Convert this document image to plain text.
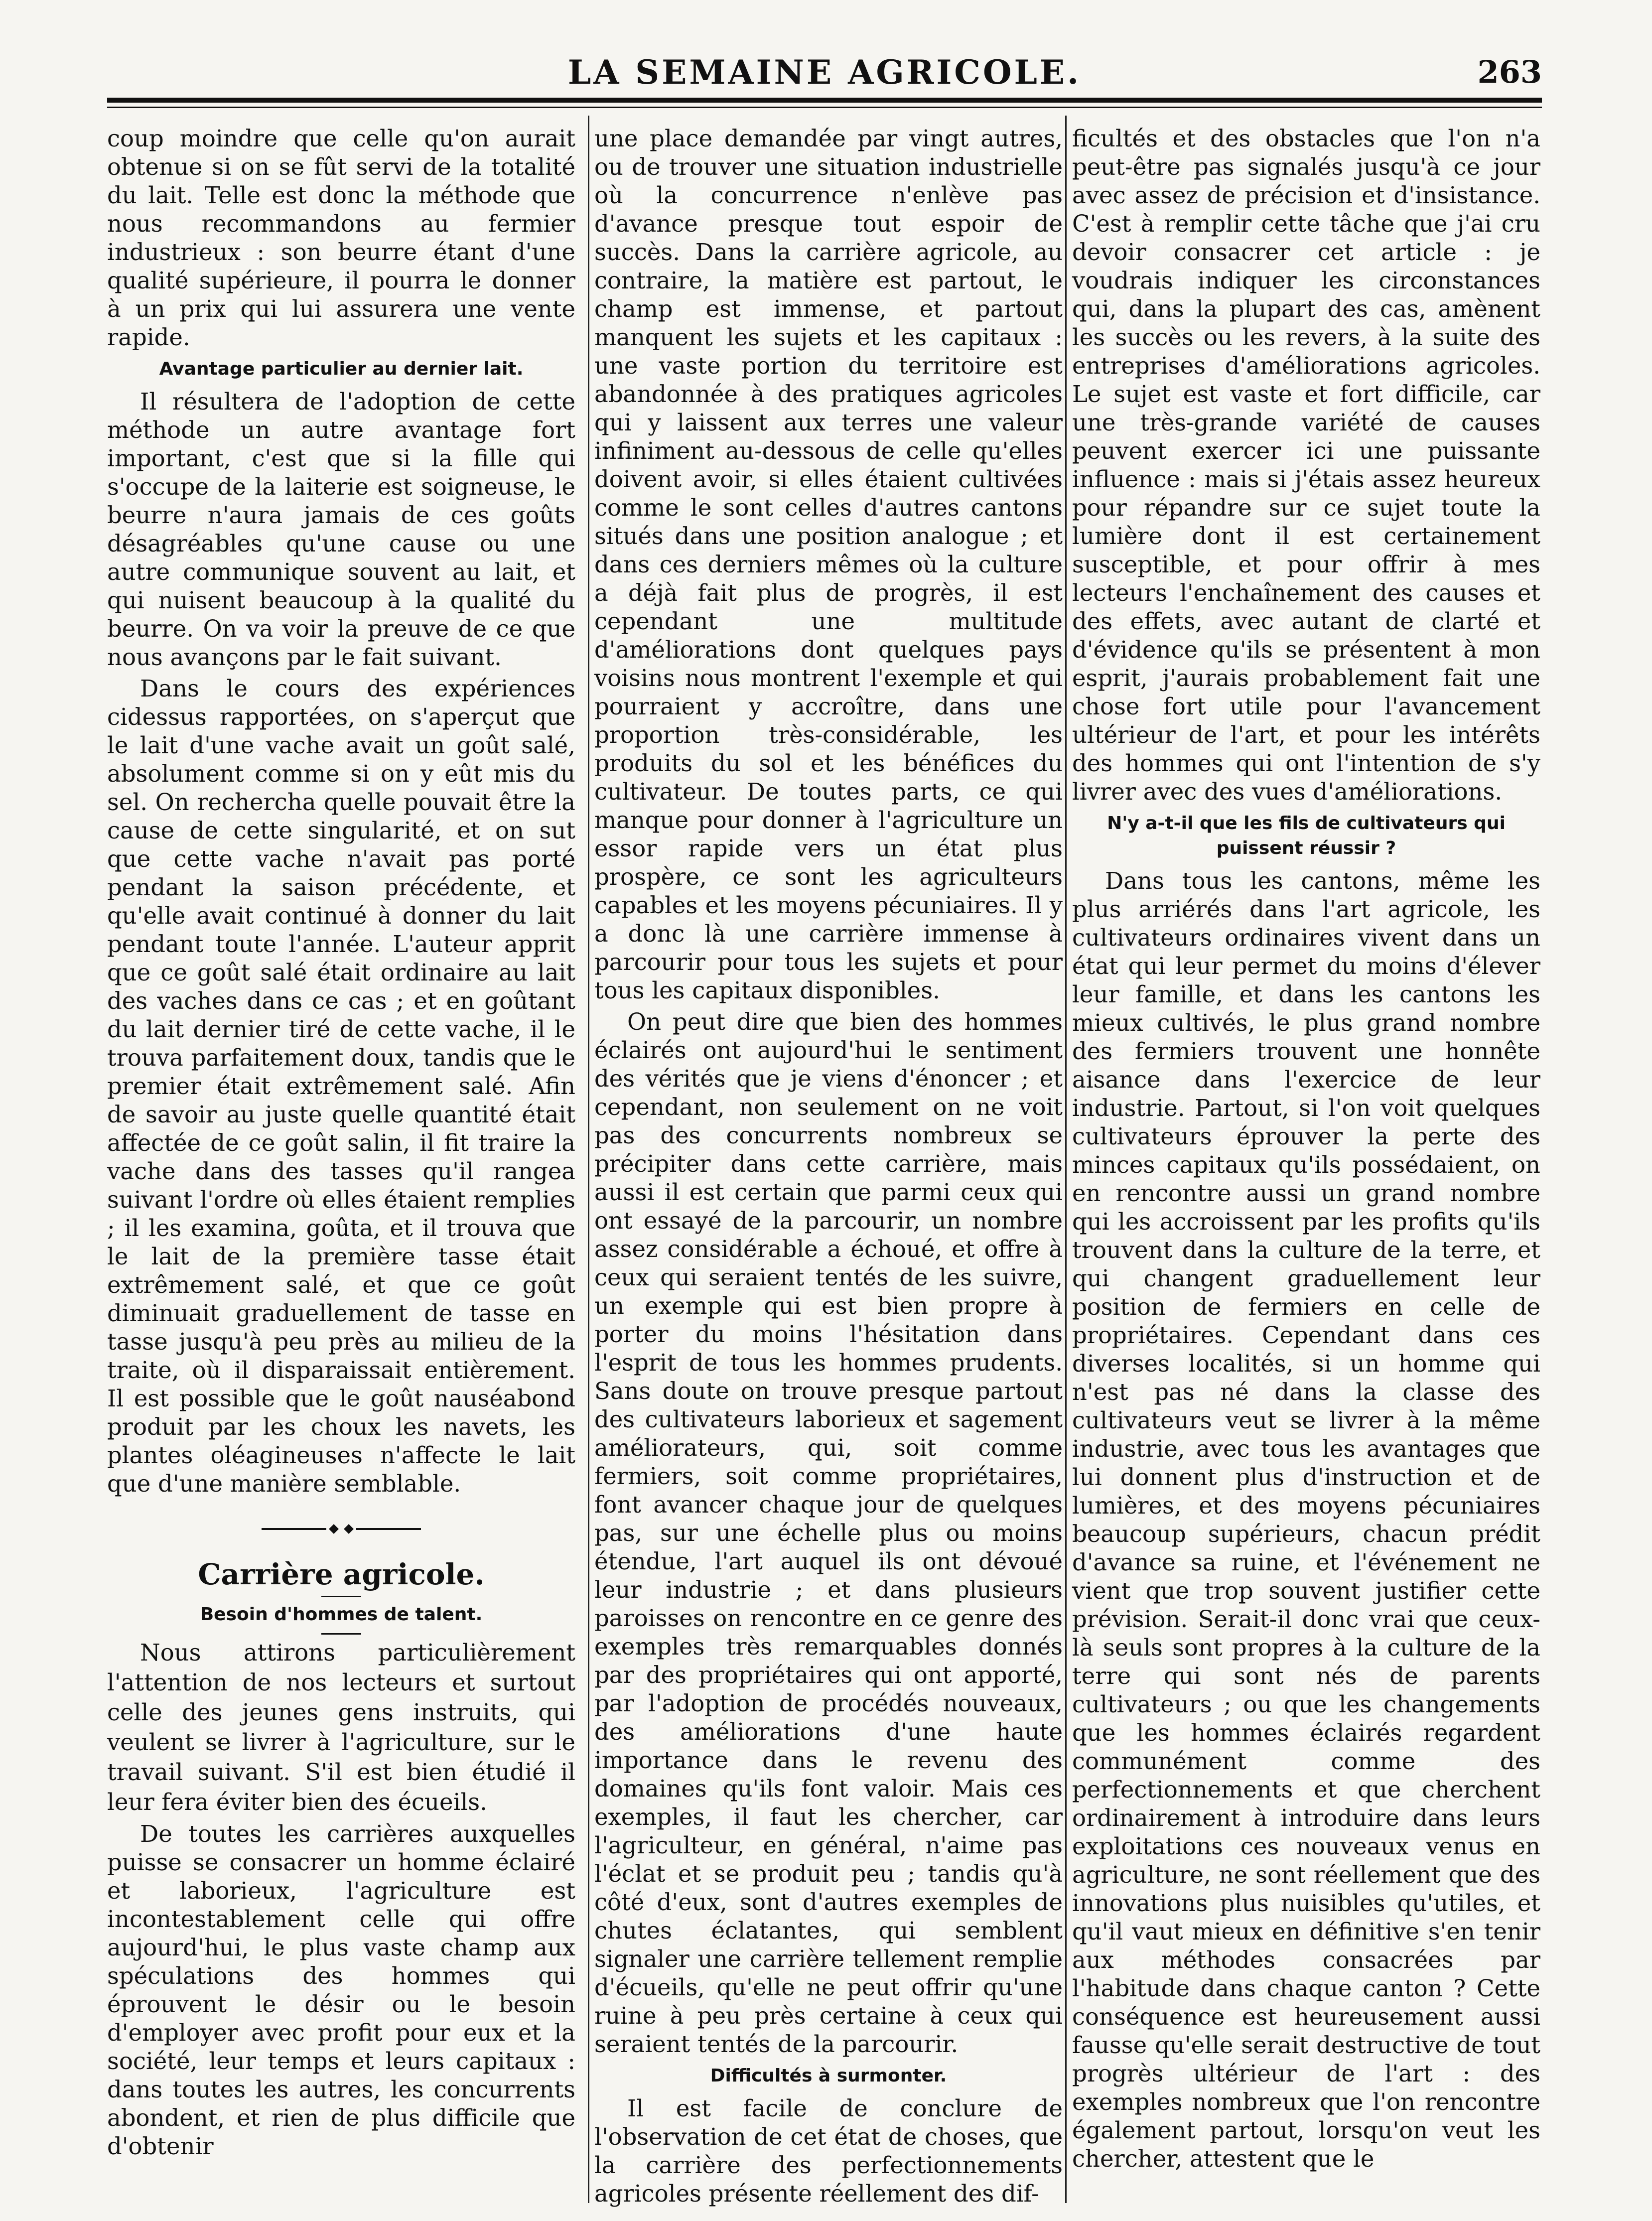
LA SEMAINE AGRICOLE.	263

coup moindre que celle qu'on aurait obtenue si on se fût servi de la totalité du lait. Telle est donc la méthode que nous recommandons au fermier industrieux : son beurre étant d'une qualité supérieure, il pourra le donner à un prix qui lui assurera une vente rapide.

Avantage particulier au dernier lait.

Il résultera de l'adoption de cette méthode un autre avantage fort important, c'est que si la fille qui s'occupe de la laiterie est soigneuse, le beurre n'aura jamais de ces goûts désagréables qu'une cause ou une autre communique souvent au lait, et qui nuisent beaucoup à la qualité du beurre. On va voir la preuve de ce que nous avançons par le fait suivant.

Dans le cours des expériences cidessus rapportées, on s'aperçut que le lait d'une vache avait un goût salé, absolument comme si on y eût mis du sel. On rechercha quelle pouvait être la cause de cette singularité, et on sut que cette vache n'avait pas porté pendant la saison précédente, et qu'elle avait continué à donner du lait pendant toute l'année. L'auteur apprit que ce goût salé était ordinaire au lait des vaches dans ce cas ; et en goûtant du lait dernier tiré de cette vache, il le trouva parfaitement doux, tandis que le premier était extrêmement salé. Afin de savoir au juste quelle quantité était affectée de ce goût salin, il fit traire la vache dans des tasses qu'il rangea suivant l'ordre où elles étaient remplies ; il les examina, goûta, et il trouva que le lait de la première tasse était extrêmement salé, et que ce goût diminuait graduellement de tasse en tasse jusqu'à peu près au milieu de la traite, où il disparaissait entièrement. Il est possible que le goût nauséabond produit par les choux les navets, les plantes oléagineuses n'affecte le lait que d'une manière semblable.

Carrière agricole.
Besoin d'hommes de talent.

Nous attirons particulièrement l'attention de nos lecteurs et surtout celle des jeunes gens instruits, qui veulent se livrer à l'agriculture, sur le travail suivant. S'il est bien étudié il leur fera éviter bien des écueils.

De toutes les carrières auxquelles puisse se consacrer un homme éclairé et laborieux, l'agriculture est incontestablement celle qui offre aujourd'hui, le plus vaste champ aux spéculations des hommes qui éprouvent le désir ou le besoin d'employer avec profit pour eux et la société, leur temps et leurs capitaux : dans toutes les autres, les concurrents abondent, et rien de plus difficile que d'obtenir

une place demandée par vingt autres, ou de trouver une situation industrielle où la concurrence n'enlève pas d'avance presque tout espoir de succès. Dans la carrière agricole, au contraire, la matière est partout, le champ est immense, et partout manquent les sujets et les capitaux : une vaste portion du territoire est abandonnée à des pratiques agricoles qui y laissent aux terres une valeur infiniment au-dessous de celle qu'elles doivent avoir, si elles étaient cultivées comme le sont celles d'autres cantons situés dans une position analogue ; et dans ces derniers mêmes où la culture a déjà fait plus de progrès, il est cependant une multitude d'améliorations dont quelques pays voisins nous montrent l'exemple et qui pourraient y accroître, dans une proportion très-considérable, les produits du sol et les bénéfices du cultivateur. De toutes parts, ce qui manque pour donner à l'agriculture un essor rapide vers un état plus prospère, ce sont les agriculteurs capables et les moyens pécuniaires. Il y a donc là une carrière immense à parcourir pour tous les sujets et pour tous les capitaux disponibles.

On peut dire que bien des hommes éclairés ont aujourd'hui le sentiment des vérités que je viens d'énoncer ; et cependant, non seulement on ne voit pas des concurrents nombreux se précipiter dans cette carrière, mais aussi il est certain que parmi ceux qui ont essayé de la parcourir, un nombre assez considérable a échoué, et offre à ceux qui seraient tentés de les suivre, un exemple qui est bien propre à porter du moins l'hésitation dans l'esprit de tous les hommes prudents. Sans doute on trouve presque partout des cultivateurs laborieux et sagement améliorateurs, qui, soit comme fermiers, soit comme propriétaires, font avancer chaque jour de quelques pas, sur une échelle plus ou moins étendue, l'art auquel ils ont dévoué leur industrie ; et dans plusieurs paroisses on rencontre en ce genre des exemples très remarquables donnés par des propriétaires qui ont apporté, par l'adoption de procédés nouveaux, des améliorations d'une haute importance dans le revenu des domaines qu'ils font valoir. Mais ces exemples, il faut les chercher, car l'agriculteur, en général, n'aime pas l'éclat et se produit peu ; tandis qu'à côté d'eux, sont d'autres exemples de chutes éclatantes, qui semblent signaler une carrière tellement remplie d'écueils, qu'elle ne peut offrir qu'une ruine à peu près certaine à ceux qui seraient tentés de la parcourir.

Difficultés à surmonter.

Il est facile de conclure de l'observation de cet état de choses, que la carrière des perfectionnements agricoles présente réellement des dif-

ficultés et des obstacles que l'on n'a peut-être pas signalés jusqu'à ce jour avec assez de précision et d'insistance. C'est à remplir cette tâche que j'ai cru devoir consacrer cet article : je voudrais indiquer les circonstances qui, dans la plupart des cas, amènent les succès ou les revers, à la suite des entreprises d'améliorations agricoles. Le sujet est vaste et fort difficile, car une très-grande variété de causes peuvent exercer ici une puissante influence : mais si j'étais assez heureux pour répandre sur ce sujet toute la lumière dont il est certainement susceptible, et pour offrir à mes lecteurs l'enchaînement des causes et des effets, avec autant de clarté et d'évidence qu'ils se présentent à mon esprit, j'aurais probablement fait une chose fort utile pour l'avancement ultérieur de l'art, et pour les intérêts des hommes qui ont l'intention de s'y livrer avec des vues d'améliorations.

N'y a-t-il que les fils de cultivateurs qui puissent réussir ?

Dans tous les cantons, même les plus arriérés dans l'art agricole, les cultivateurs ordinaires vivent dans un état qui leur permet du moins d'élever leur famille, et dans les cantons les mieux cultivés, le plus grand nombre des fermiers trouvent une honnête aisance dans l'exercice de leur industrie. Partout, si l'on voit quelques cultivateurs éprouver la perte des minces capitaux qu'ils possédaient, on en rencontre aussi un grand nombre qui les accroissent par les profits qu'ils trouvent dans la culture de la terre, et qui changent graduellement leur position de fermiers en celle de propriétaires. Cependant dans ces diverses localités, si un homme qui n'est pas né dans la classe des cultivateurs veut se livrer à la même industrie, avec tous les avantages que lui donnent plus d'instruction et de lumières, et des moyens pécuniaires beaucoup supérieurs, chacun prédit d'avance sa ruine, et l'événement ne vient que trop souvent justifier cette prévision. Serait-il donc vrai que ceux-là seuls sont propres à la culture de la terre qui sont nés de parents cultivateurs ; ou que les changements que les hommes éclairés regardent communément comme des perfectionnements et que cherchent ordinairement à introduire dans leurs exploitations ces nouveaux venus en agriculture, ne sont réellement que des innovations plus nuisibles qu'utiles, et qu'il vaut mieux en définitive s'en tenir aux méthodes consacrées par l'habitude dans chaque canton ? Cette conséquence est heureusement aussi fausse qu'elle serait destructive de tout progrès ultérieur de l'art : des exemples nombreux que l'on rencontre également partout, lorsqu'on veut les chercher, attestent que le
